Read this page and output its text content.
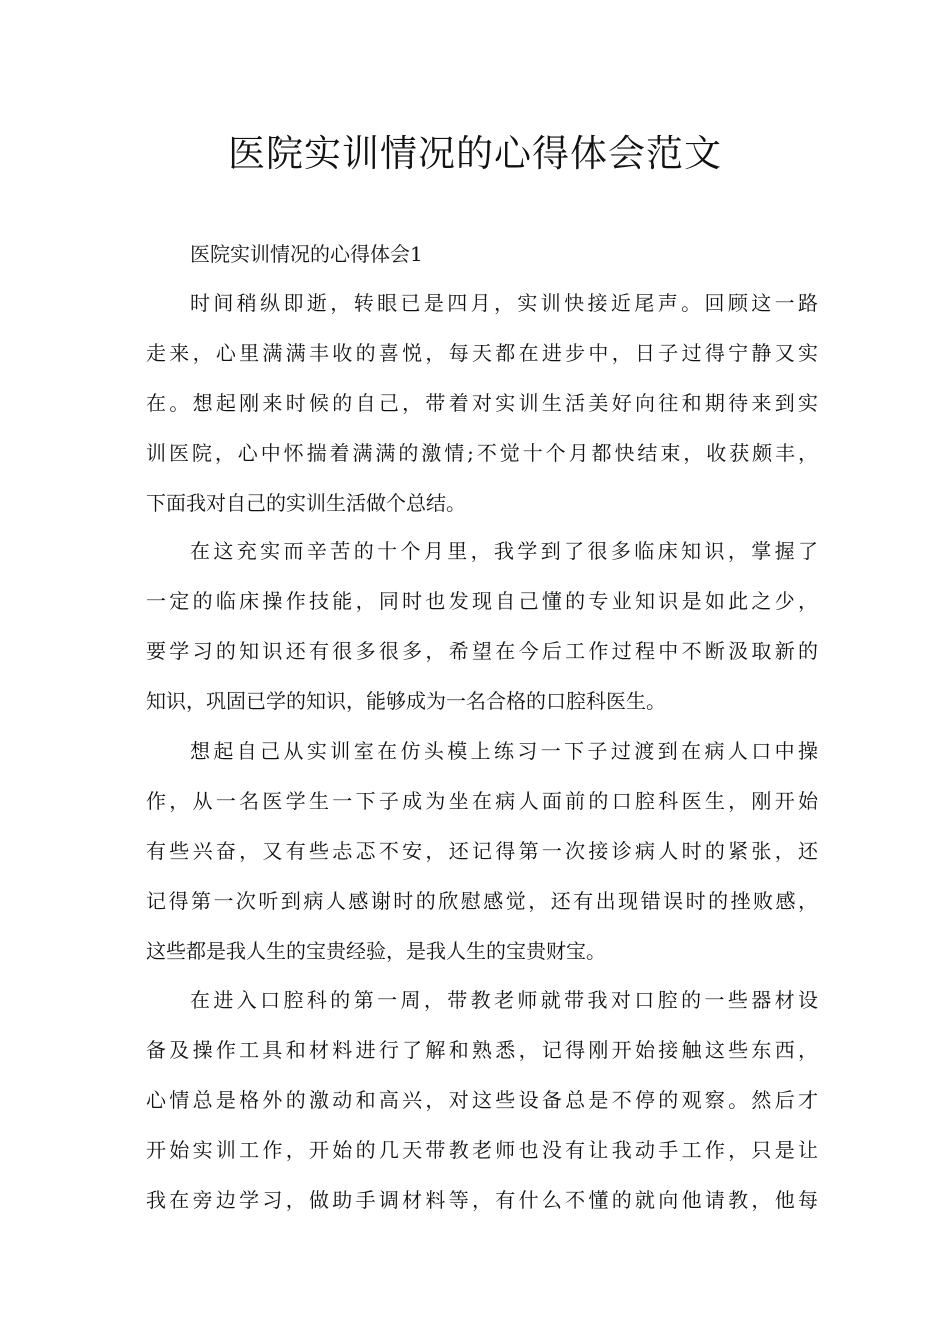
医院实训情况的心得体会范文

医院实训情况的心得体会1

时间稍纵即逝，转眼已是四月，实训快接近尾声。回顾这一路
走来，心里满满丰收的喜悦，每天都在进步中，日子过得宁静又实
在。想起刚来时候的自己，带着对实训生活美好向往和期待来到实
训医院，心中怀揣着满满的激情;不觉十个月都快结束，收获颇丰，
下面我对自己的实训生活做个总结。
在这充实而辛苦的十个月里，我学到了很多临床知识，掌握了
一定的临床操作技能，同时也发现自己懂的专业知识是如此之少，
要学习的知识还有很多很多，希望在今后工作过程中不断汲取新的
知识，巩固已学的知识，能够成为一名合格的口腔科医生。
想起自己从实训室在仿头模上练习一下子过渡到在病人口中操
作，从一名医学生一下子成为坐在病人面前的口腔科医生，刚开始
有些兴奋，又有些忐忑不安，还记得第一次接诊病人时的紧张，还
记得第一次听到病人感谢时的欣慰感觉，还有出现错误时的挫败感，
这些都是我人生的宝贵经验，是我人生的宝贵财宝。
在进入口腔科的第一周，带教老师就带我对口腔的一些器材设
备及操作工具和材料进行了解和熟悉，记得刚开始接触这些东西，
心情总是格外的激动和高兴，对这些设备总是不停的观察。然后才
开始实训工作，开始的几天带教老师也没有让我动手工作，只是让
我在旁边学习，做助手调材料等，有什么不懂的就向他请教，他每
